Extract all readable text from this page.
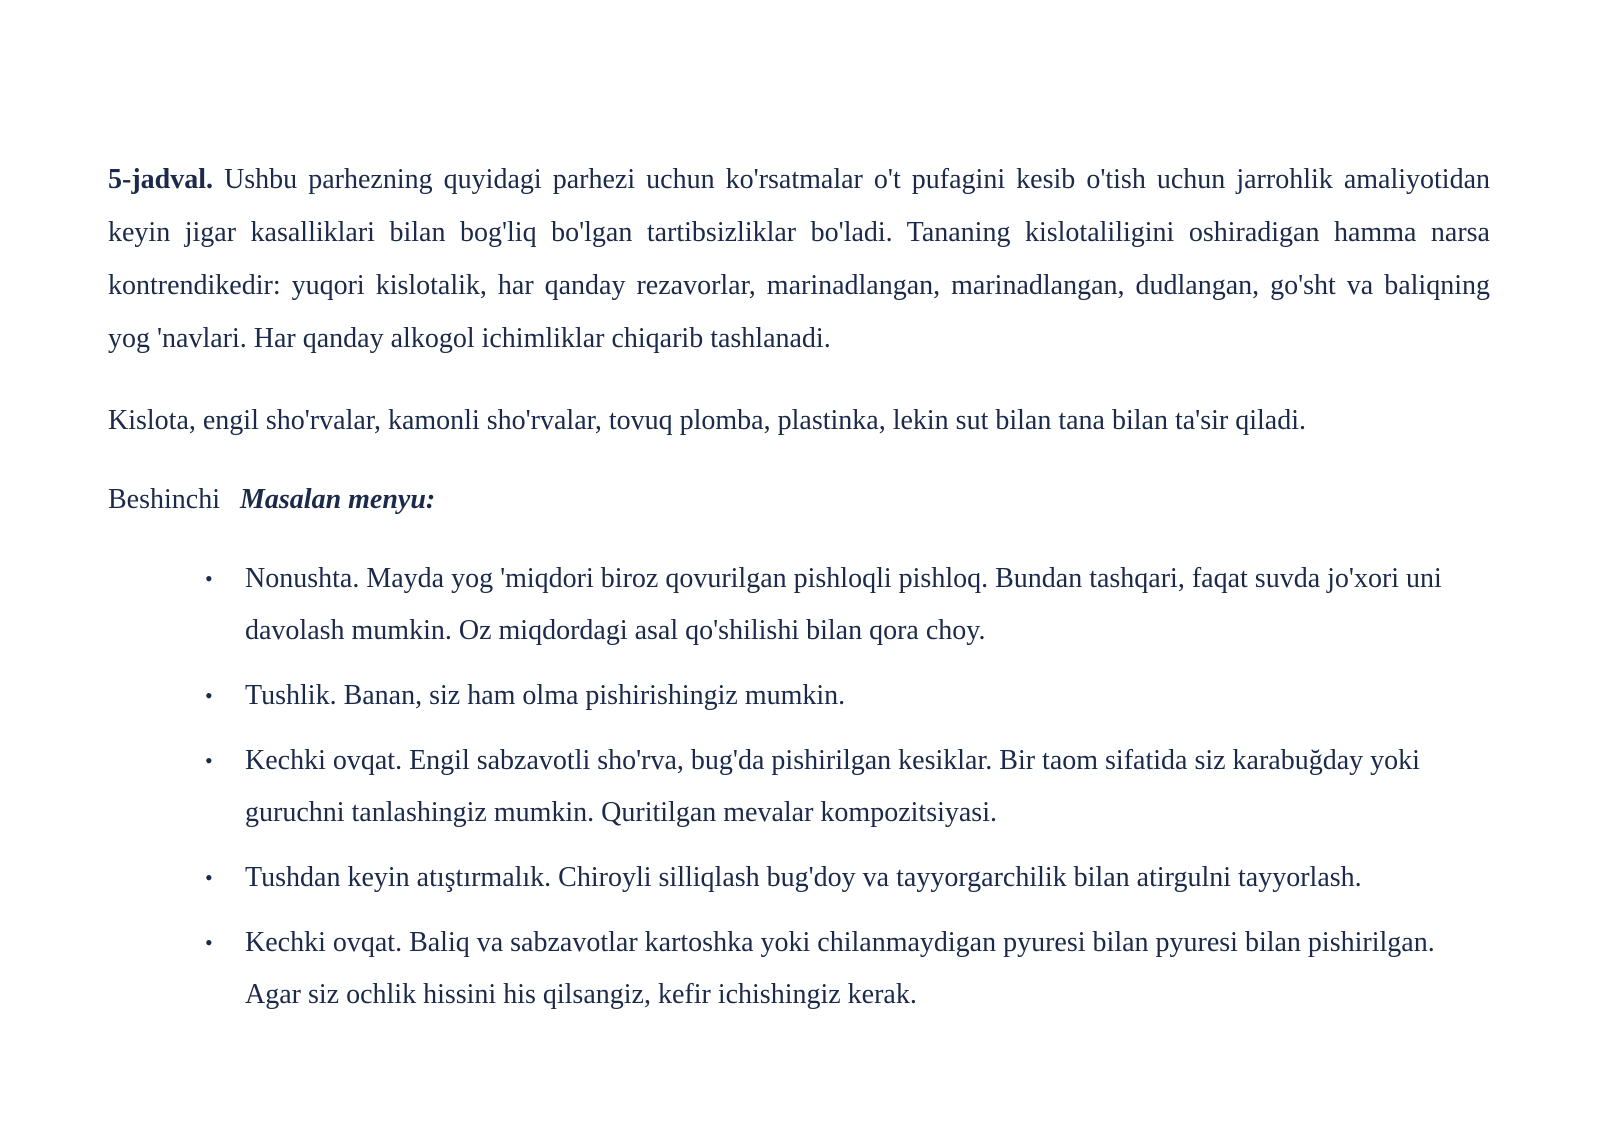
5-jadval. Ushbu parhezning quyidagi parhezi uchun ko'rsatmalar o't pufagini kesib o'tish uchun jarrohlik amaliyotidan keyin jigar kasalliklari bilan bog'liq bo'lgan tartibsizliklar bo'ladi. Tananing kislotaliligini oshiradigan hamma narsa kontrendikedir: yuqori kislotalik, har qanday rezavorlar, marinadlangan, marinadlangan, dudlangan, go'sht va baliqning yog 'navlari. Har qanday alkogol ichimliklar chiqarib tashlanadi.

Kislota, engil sho'rvalar, kamonli sho'rvalar, tovuq plomba, plastinka, lekin sut bilan tana bilan ta'sir qiladi.

Beshinchi Masalan menyu:

• Nonushta. Mayda yog 'miqdori biroz qovurilgan pishloqli pishloq. Bundan tashqari, faqat suvda jo'xori uni davolash mumkin. Oz miqdordagi asal qo'shilishi bilan qora choy.
• Tushlik. Banan, siz ham olma pishirishingiz mumkin.
• Kechki ovqat. Engil sabzavotli sho'rva, bug'da pishirilgan kesiklar. Bir taom sifatida siz karabuğday yoki guruchni tanlashingiz mumkin. Quritilgan mevalar kompozitsiyasi.
• Tushdan keyin atıştırmalık. Chiroyli silliqlash bug'doy va tayyorgarchilik bilan atirgulni tayyorlash.
• Kechki ovqat. Baliq va sabzavotlar kartoshka yoki chilanmaydigan pyuresi bilan pyuresi bilan pishirilgan. Agar siz ochlik hissini his qilsangiz, kefir ichishingiz kerak.
